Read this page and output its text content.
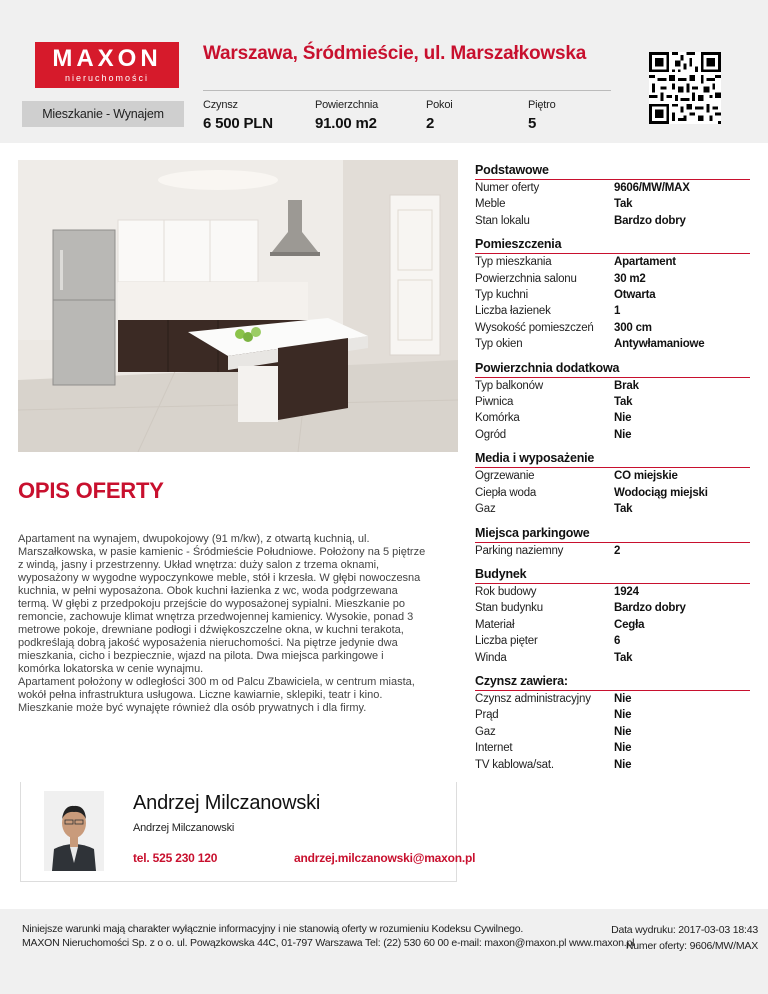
MAXON
nieruchomości
Warszawa, Śródmieście, ul. Marszałkowska
Mieszkanie - Wynajem
Czynsz
6 500 PLN
Powierzchnia
91.00 m2
Pokoi
2
Piętro
5
OPIS OFERTY
Apartament na wynajem, dwupokojowy (91 m/kw), z otwartą kuchnią, ul.
Marszałkowska, w pasie kamienic - Śródmieście Południowe. Położony na 5 piętrze
z windą, jasny i przestrzenny. Układ wnętrza: duży salon z trzema oknami,
wyposażony w wygodne wypoczynkowe meble, stół i krzesła. W głębi nowoczesna
kuchnia, w pełni wyposażona. Obok kuchni łazienka z wc, woda podgrzewana
termą. W głębi z przedpokoju przejście do wyposażonej sypialni. Mieszkanie po
remoncie, zachowuje klimat wnętrza przedwojennej kamienicy. Wysokie, ponad 3
metrowe pokoje, drewniane podłogi i dźwiękoszczelne okna, w kuchni terakota,
podkreślają dobrą jakość wyposażenia nieruchomości. Na piętrze jedynie dwa
mieszkania, cicho i bezpiecznie, wjazd na pilota. Dwa miejsca parkingowe i
komórka lokatorska w cenie wynajmu.
Apartament położony w odległości 300 m od Palcu Zbawiciela, w centrum miasta,
wokół pełna infrastruktura usługowa. Liczne kawiarnie, sklepiki, teatr i kino.
Mieszkanie może być wynajęte również dla osób prywatnych i dla firmy.
Podstawowe
Numer oferty	9606/MW/MAX
Meble	Tak
Stan lokalu	Bardzo dobry
Pomieszczenia
Typ mieszkania	Apartament
Powierzchnia salonu	30 m2
Typ kuchni	Otwarta
Liczba łazienek	1
Wysokość pomieszczeń	300 cm
Typ okien	Antywłamaniowe
Powierzchnia dodatkowa
Typ balkonów	Brak
Piwnica	Tak
Komórka	Nie
Ogród	Nie
Media i wyposażenie
Ogrzewanie	CO miejskie
Ciepła woda	Wodociąg miejski
Gaz	Tak
Miejsca parkingowe
Parking naziemny	2
Budynek
Rok budowy	1924
Stan budynku	Bardzo dobry
Materiał	Cegła
Liczba pięter	6
Winda	Tak
Czynsz zawiera:
Czynsz administracyjny	Nie
Prąd	Nie
Gaz	Nie
Internet	Nie
TV kablowa/sat.	Nie
Andrzej Milczanowski
Andrzej Milczanowski
tel. 525 230 120	andrzej.milczanowski@maxon.pl
Niniejsze warunki mają charakter wyłącznie informacyjny i nie stanowią oferty w rozumieniu Kodeksu Cywilnego.
MAXON Nieruchomości Sp. z o o. ul. Powązkowska 44C, 01-797 Warszawa Tel: (22) 530 60 00 e-mail: maxon@maxon.pl www.maxon.pl
Data wydruku: 2017-03-03 18:43
Numer oferty: 9606/MW/MAX
